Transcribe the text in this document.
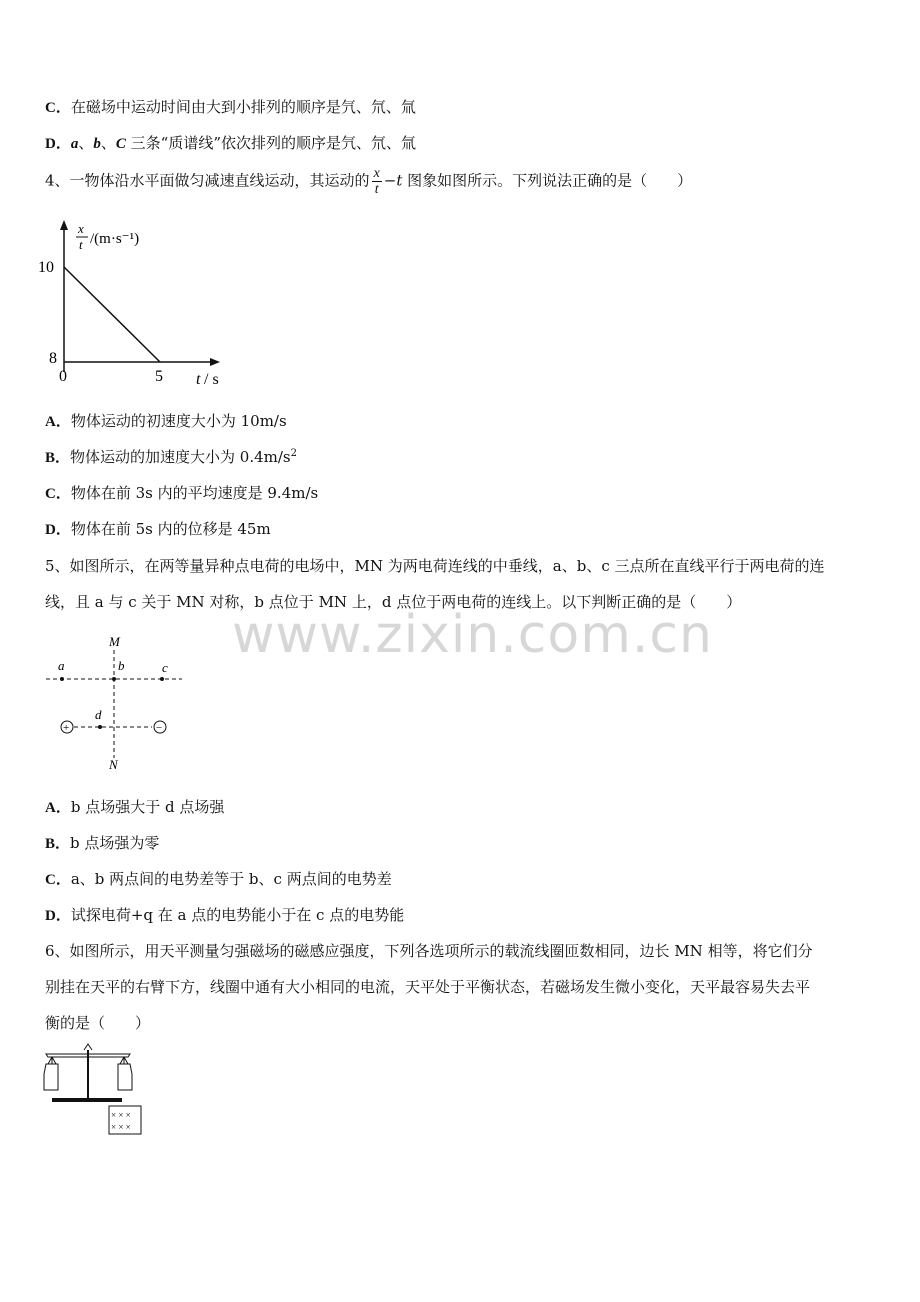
C．在磁场中运动时间由大到小排列的顺序是氕、氘、氚
D．a、b、C 三条“质谱线”依次排列的顺序是氕、氘、氚
4、一物体沿水平面做匀减速直线运动，其运动的 $\frac{x}{t} -t$ 图象如图所示。下列说法正确的是（　　）
x
t /(m·s⁻¹)
10
8
0	5 t / s
A．物体运动的初速度大小为 10m/s
B．物体运动的加速度大小为 $0.4m/s^2$
C．物体在前 3s 内的平均速度是 9.4m/s
D．物体在前 5s 内的位移是 45m
5、如图所示，在两等量异种点电荷的电场中，MN 为两电荷连线的中垂线，a、b、c 三点所在直线平行于两电荷的连
线，且 a 与 c 关于 MN 对称，b 点位于 MN 上，d 点位于两电荷的连线上。以下判断正确的是（　　）
www.zixin.com.cn
+	−
M
N
a	b	c
d
A．b 点场强大于 d 点场强
B．b 点场强为零
C．a、b 两点间的电势差等于 b、c 两点间的电势差
D．试探电荷+q 在 a 点的电势能小于在 c 点的电势能
6、如图所示，用天平测量匀强磁场的磁感应强度，下列各选项所示的载流线圈匝数相同，边长 MN 相等，将它们分
别挂在天平的右臂下方，线圈中通有大小相同的电流，天平处于平衡状态，若磁场发生微小变化，天平最容易失去平
衡的是（　　）
× × ×
× × ×
